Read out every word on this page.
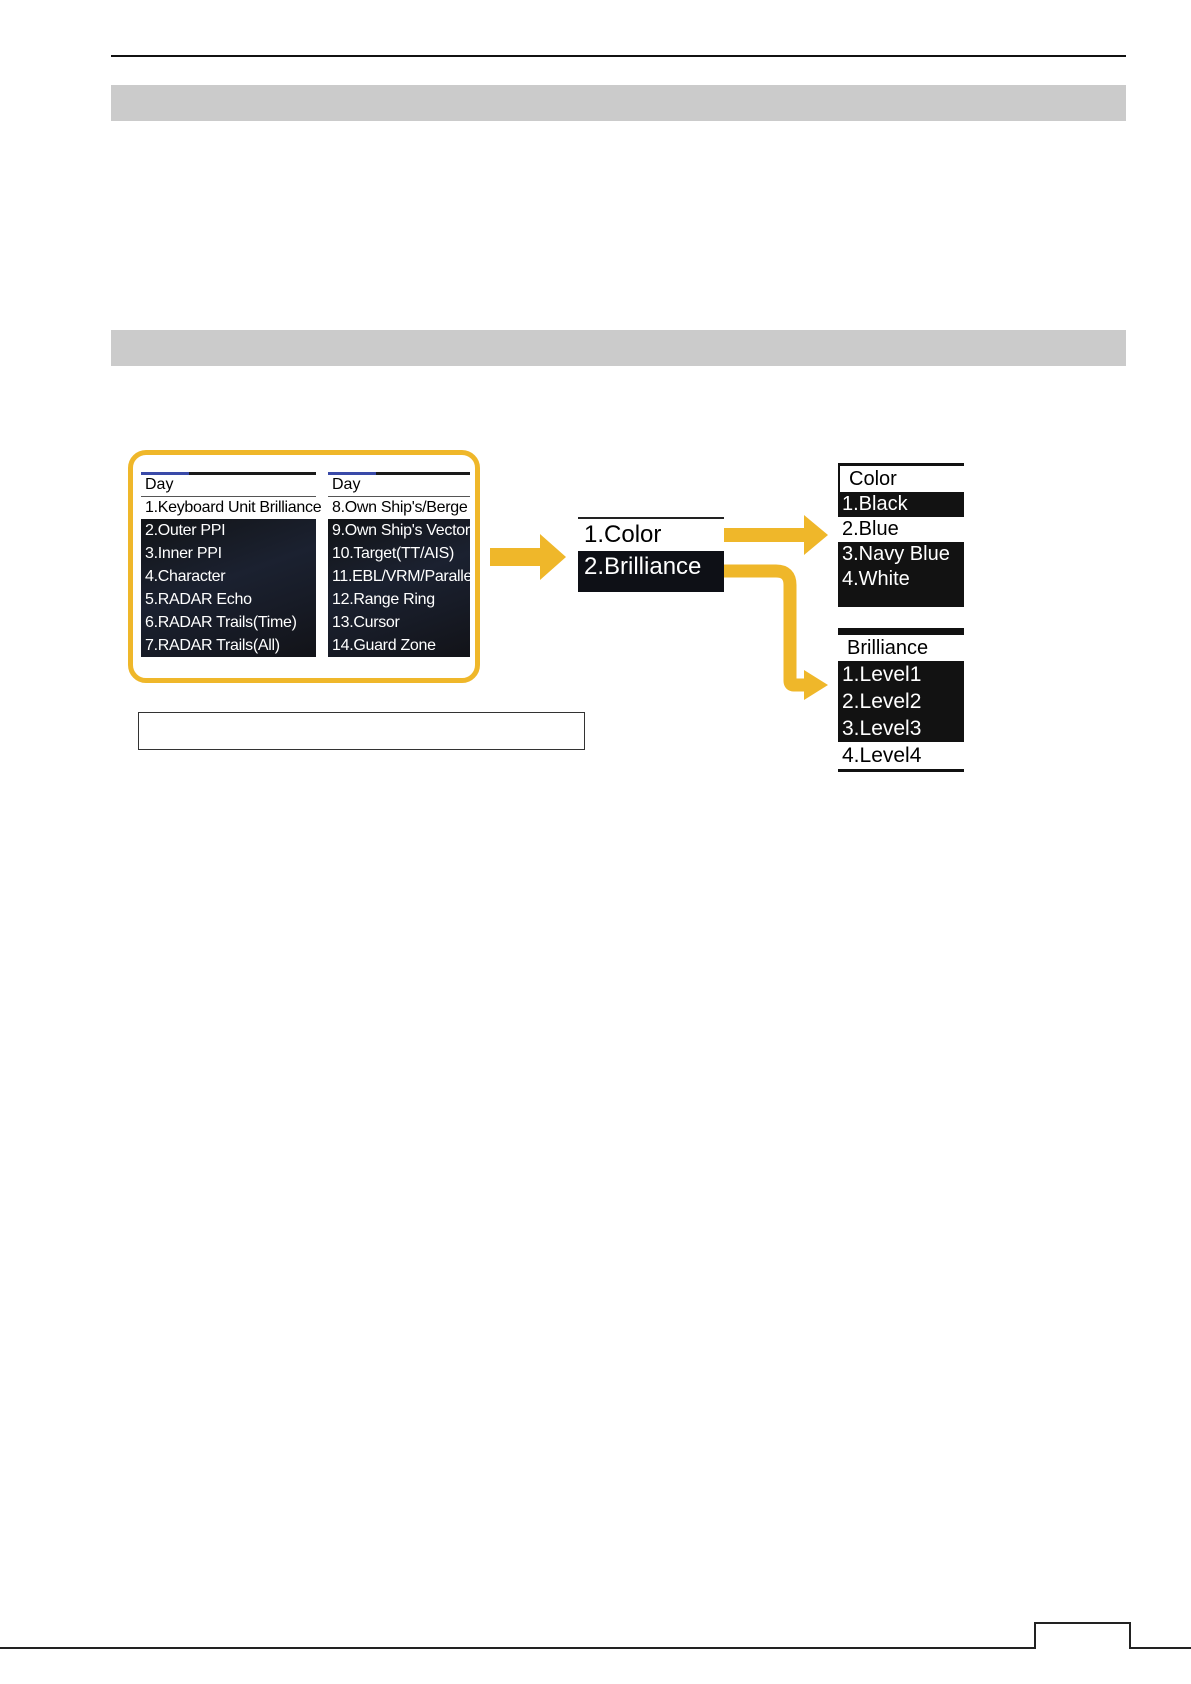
Day
1.Keyboard Unit Brilliance
2.Outer PPI
3.Inner PPI
4.Character
5.RADAR Echo
6.RADAR Trails(Time)
7.RADAR Trails(All)
Day
8.Own Ship's/Berge
9.Own Ship's Vector
10.Target(TT/AIS)
11.EBL/VRM/Parallel
12.Range Ring
13.Cursor
14.Guard Zone
1.Color
2.Brilliance
Color
1.Black
2.Blue
3.Navy Blue
4.White
Brilliance
1.Level1
2.Level2
3.Level3
4.Level4
